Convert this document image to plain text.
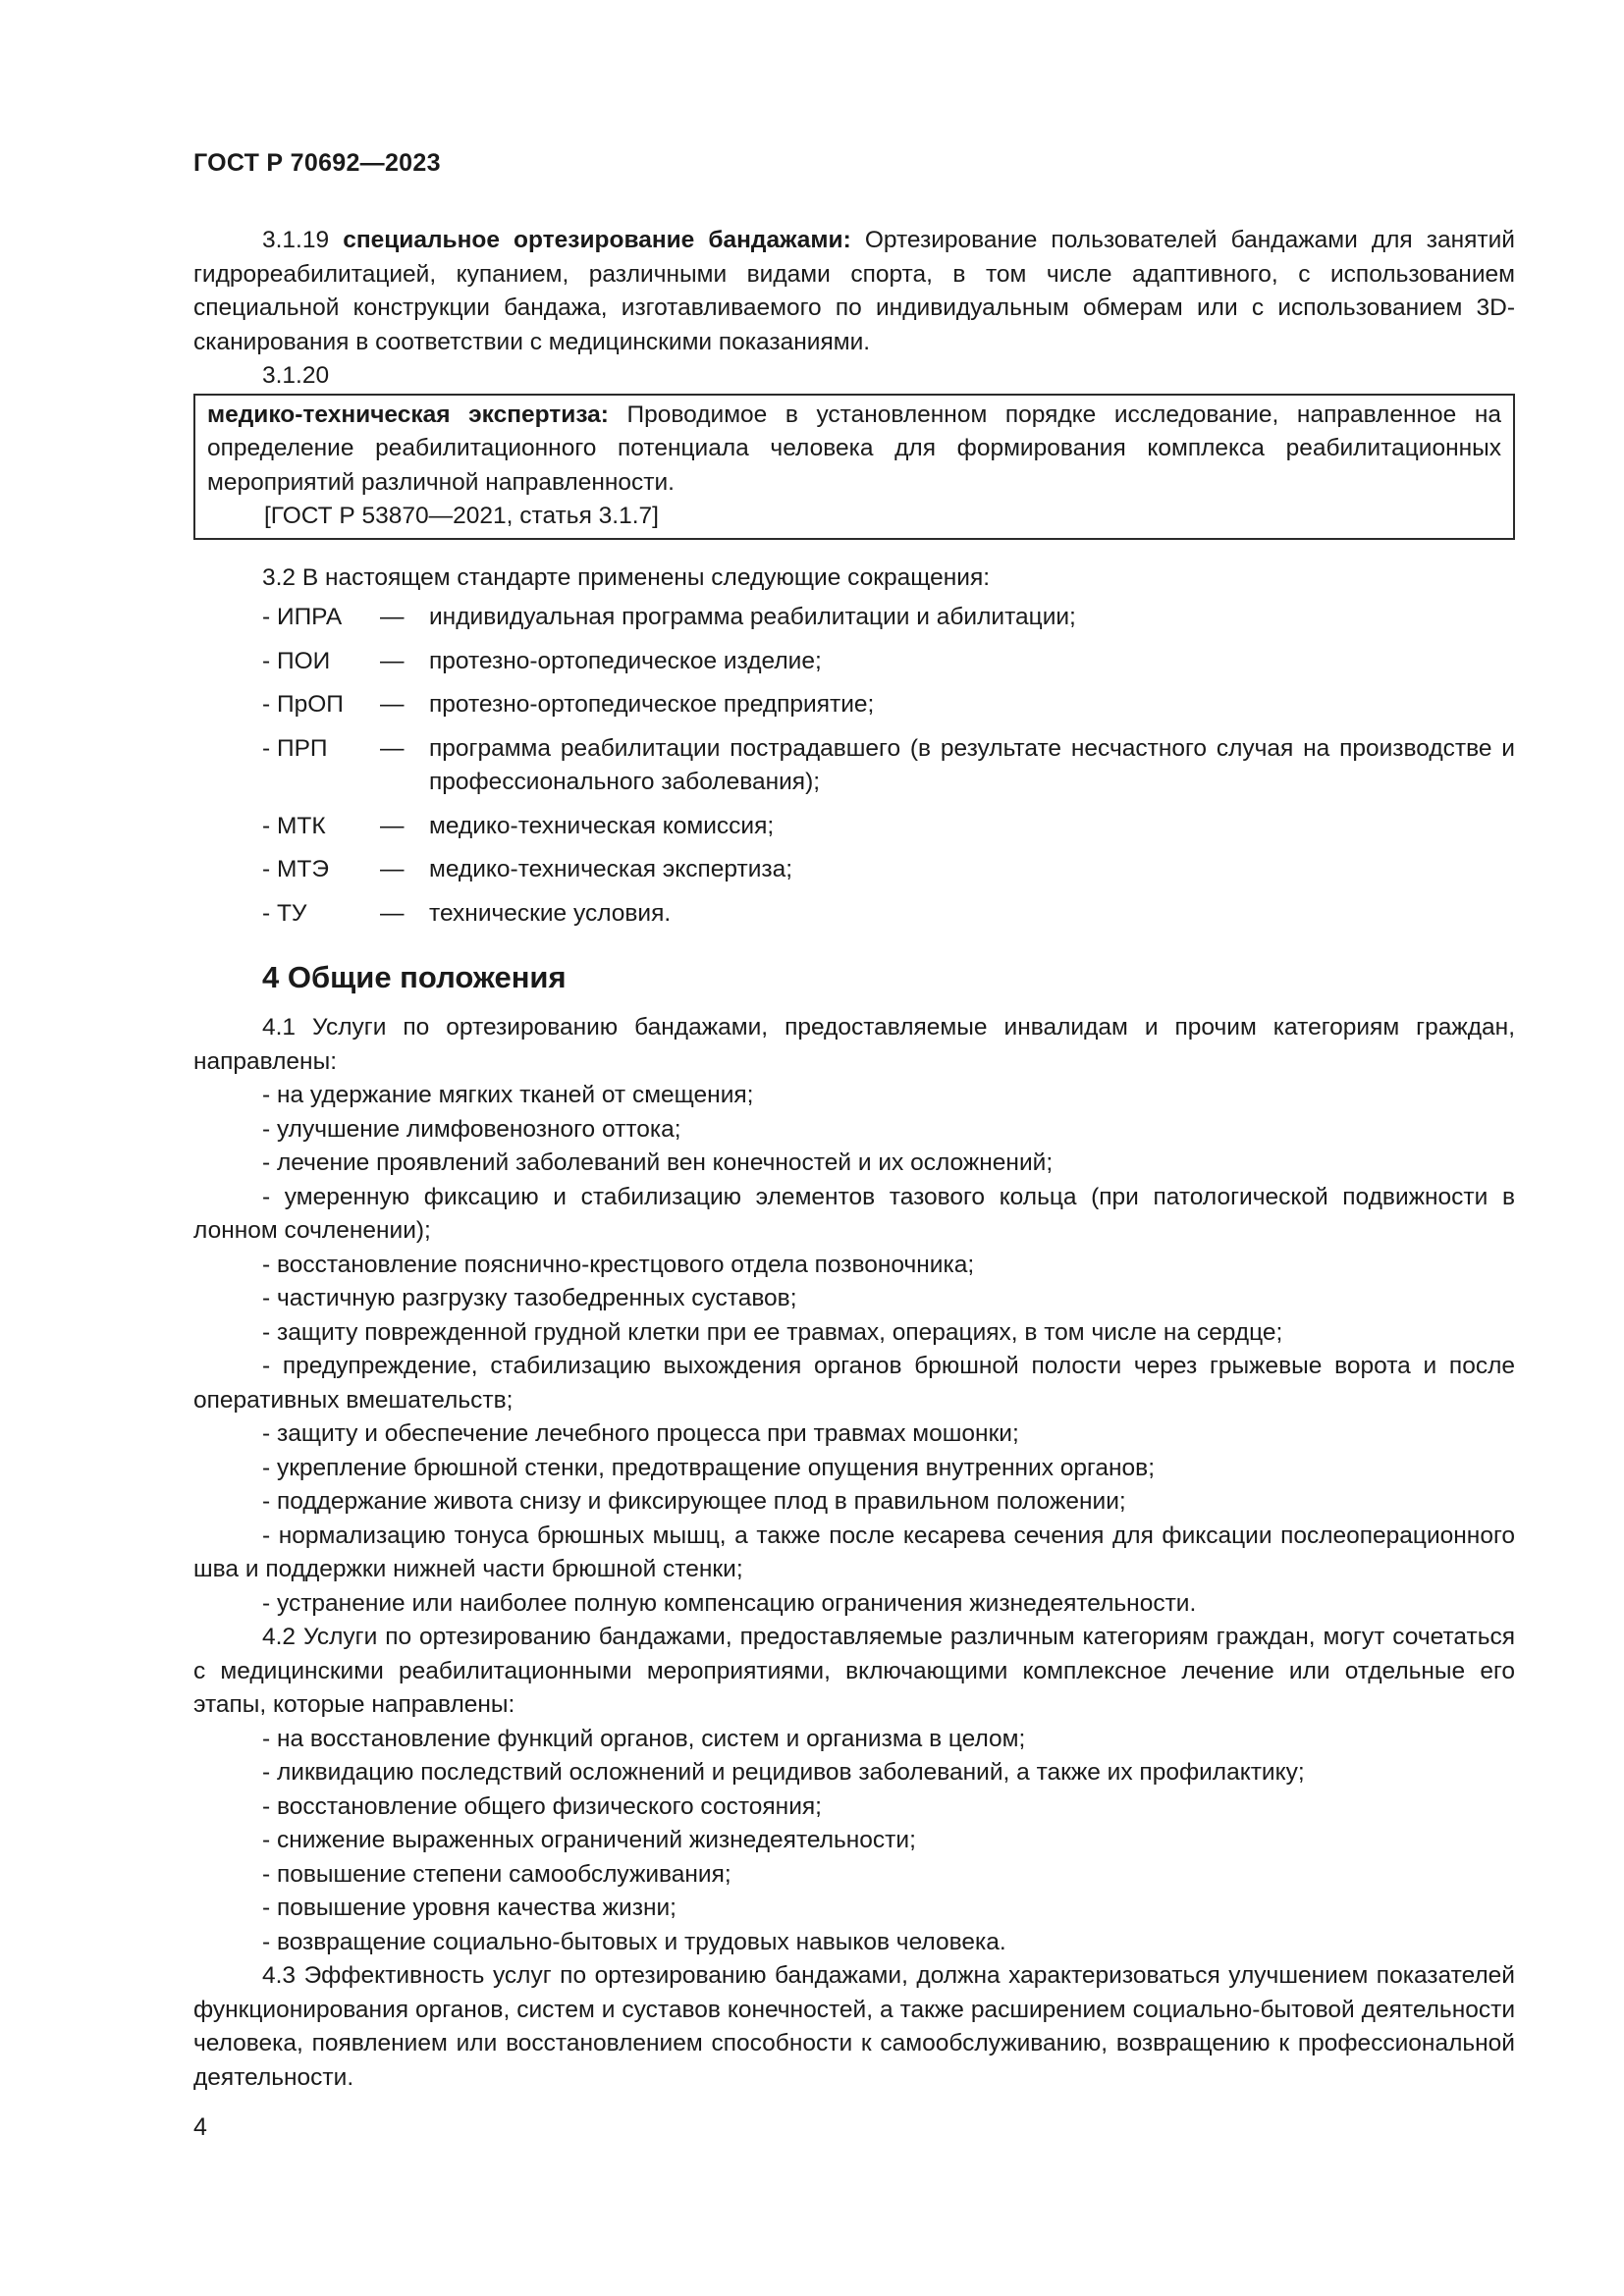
ГОСТ Р 70692—2023

3.1.19 специальное ортезирование бандажами: Ортезирование пользователей бандажами для занятий гидрореабилитацией, купанием, различными видами спорта, в том числе адаптивного, с использованием специальной конструкции бандажа, изготавливаемого по индивидуальным обмерам или с использованием 3D-сканирования в соответствии с медицинскими показаниями.

3.1.20

медико-техническая экспертиза: Проводимое в установленном порядке исследование, направленное на определение реабилитационного потенциала человека для формирования комплекса реабилитационных мероприятий различной направленности.

[ГОСТ Р 53870—2021, статья 3.1.7]

3.2 В настоящем стандарте применены следующие сокращения:

- ИПРА	—	индивидуальная программа реабилитации и абилитации;
- ПОИ	—	протезно-ортопедическое изделие;
- ПрОП	—	протезно-ортопедическое предприятие;
- ПРП	—	программа реабилитации пострадавшего (в результате несчастного случая на производстве и профессионального заболевания);
- МТК	—	медико-техническая комиссия;
- МТЭ	—	медико-техническая экспертиза;
- ТУ	—	технические условия.
4 Общие положения

4.1 Услуги по ортезированию бандажами, предоставляемые инвалидам и прочим категориям граждан, направлены:

- на удержание мягких тканей от смещения;

- улучшение лимфовенозного оттока;

- лечение проявлений заболеваний вен конечностей и их осложнений;

- умеренную фиксацию и стабилизацию элементов тазового кольца (при патологической подвижности в лонном сочленении);

- восстановление пояснично-крестцового отдела позвоночника;

- частичную разгрузку тазобедренных суставов;

- защиту поврежденной грудной клетки при ее травмах, операциях, в том числе на сердце;

- предупреждение, стабилизацию выхождения органов брюшной полости через грыжевые ворота и после оперативных вмешательств;

- защиту и обеспечение лечебного процесса при травмах мошонки;

- укрепление брюшной стенки, предотвращение опущения внутренних органов;

- поддержание живота снизу и фиксирующее плод в правильном положении;

- нормализацию тонуса брюшных мышц, а также после кесарева сечения для фиксации послеоперационного шва и поддержки нижней части брюшной стенки;

- устранение или наиболее полную компенсацию ограничения жизнедеятельности.

4.2 Услуги по ортезированию бандажами, предоставляемые различным категориям граждан, могут сочетаться с медицинскими реабилитационными мероприятиями, включающими комплексное лечение или отдельные его этапы, которые направлены:

- на восстановление функций органов, систем и организма в целом;

- ликвидацию последствий осложнений и рецидивов заболеваний, а также их профилактику;

- восстановление общего физического состояния;

- снижение выраженных ограничений жизнедеятельности;

- повышение степени самообслуживания;

- повышение уровня качества жизни;

- возвращение социально-бытовых и трудовых навыков человека.

4.3 Эффективность услуг по ортезированию бандажами, должна характеризоваться улучшением показателей функционирования органов, систем и суставов конечностей, а также расширением социально-бытовой деятельности человека, появлением или восстановлением способности к самообслуживанию, возвращению к профессиональной деятельности.

4
